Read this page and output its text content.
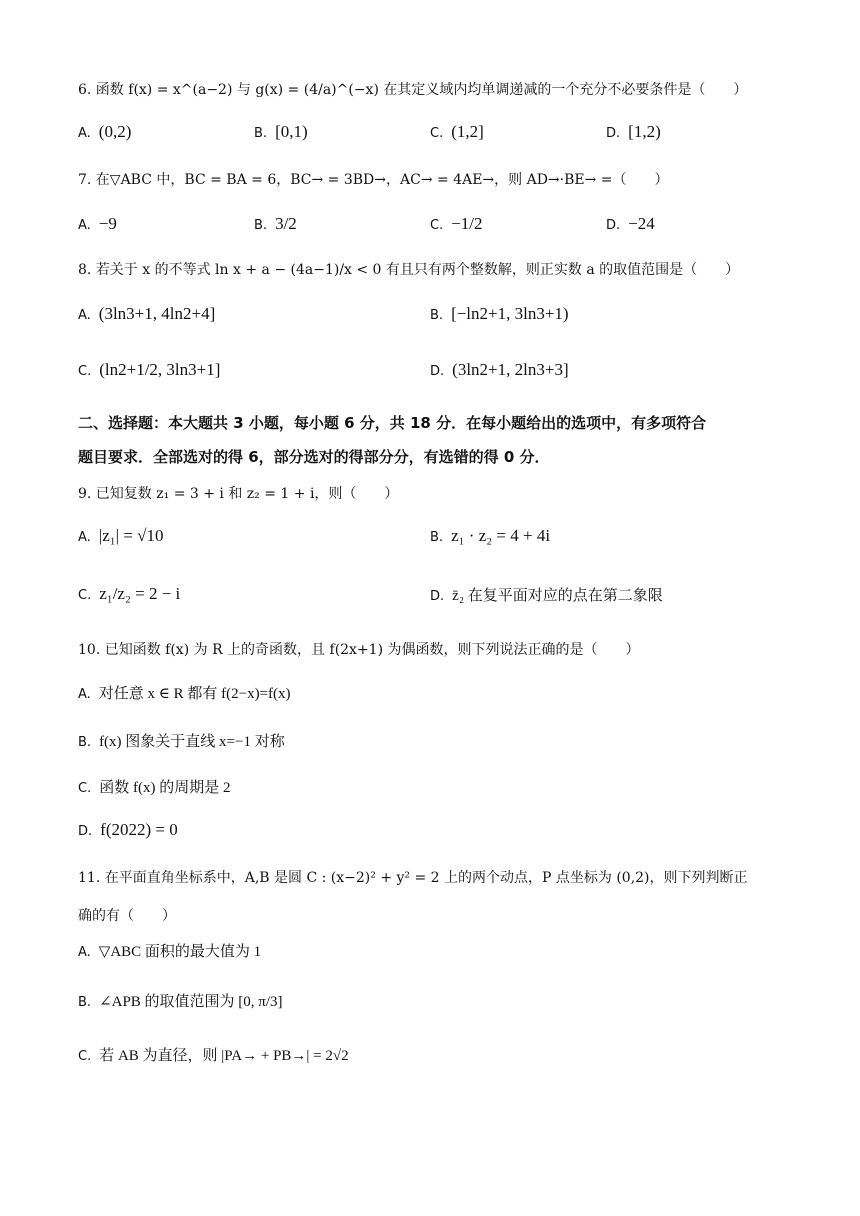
6. 函数 f(x) = x^(a−2) 与 g(x) = (4/a)^(−x) 在其定义域内均单调递减的一个充分不必要条件是（　　）
A. (0,2)	B. [0,1)	C. (1,2]	D. [1,2)
7. 在▽ABC 中，BC = BA = 6，BC→ = 3BD→，AC→ = 4AE→，则 AD→·BE→ =（　　）
A. −9	B. 3/2	C. −1/2	D. −24
8. 若关于 x 的不等式 ln x + a − (4a−1)/x < 0 有且只有两个整数解，则正实数 a 的取值范围是（　　）
A. (3ln3+1, 4ln2+4]	B. [−ln2+1, 3ln3+1)
C. (ln2+1/2, 3ln3+1]	D. (3ln2+1, 2ln3+3]
二、选择题：本大题共 3 小题，每小题 6 分，共 18 分．在每小题给出的选项中，有多项符合
题目要求．全部选对的得 6，部分选对的得部分分，有选错的得 0 分．
9. 已知复数 z₁ = 3 + i 和 z₂ = 1 + i，则（　　）
A. |z₁| = √10	B. z₁ · z₂ = 4 + 4i
C. z₁/z₂ = 2 − i	D. z̄₂ 在复平面对应的点在第二象限
10. 已知函数 f(x) 为 R 上的奇函数，且 f(2x+1) 为偶函数，则下列说法正确的是（　　）
A. 对任意 x ∈ R 都有 f(2−x)=f(x)
B. f(x) 图象关于直线 x=−1 对称
C. 函数 f(x) 的周期是 2
D. f(2022) = 0
11. 在平面直角坐标系中，A,B 是圆 C : (x−2)² + y² = 2 上的两个动点，P 点坐标为 (0,2)，则下列判断正
确的有（　　）
A. ▽ABC 面积的最大值为 1
B. ∠APB 的取值范围为 [0, π/3]
C. 若 AB 为直径，则 |PA→ + PB→| = 2√2
